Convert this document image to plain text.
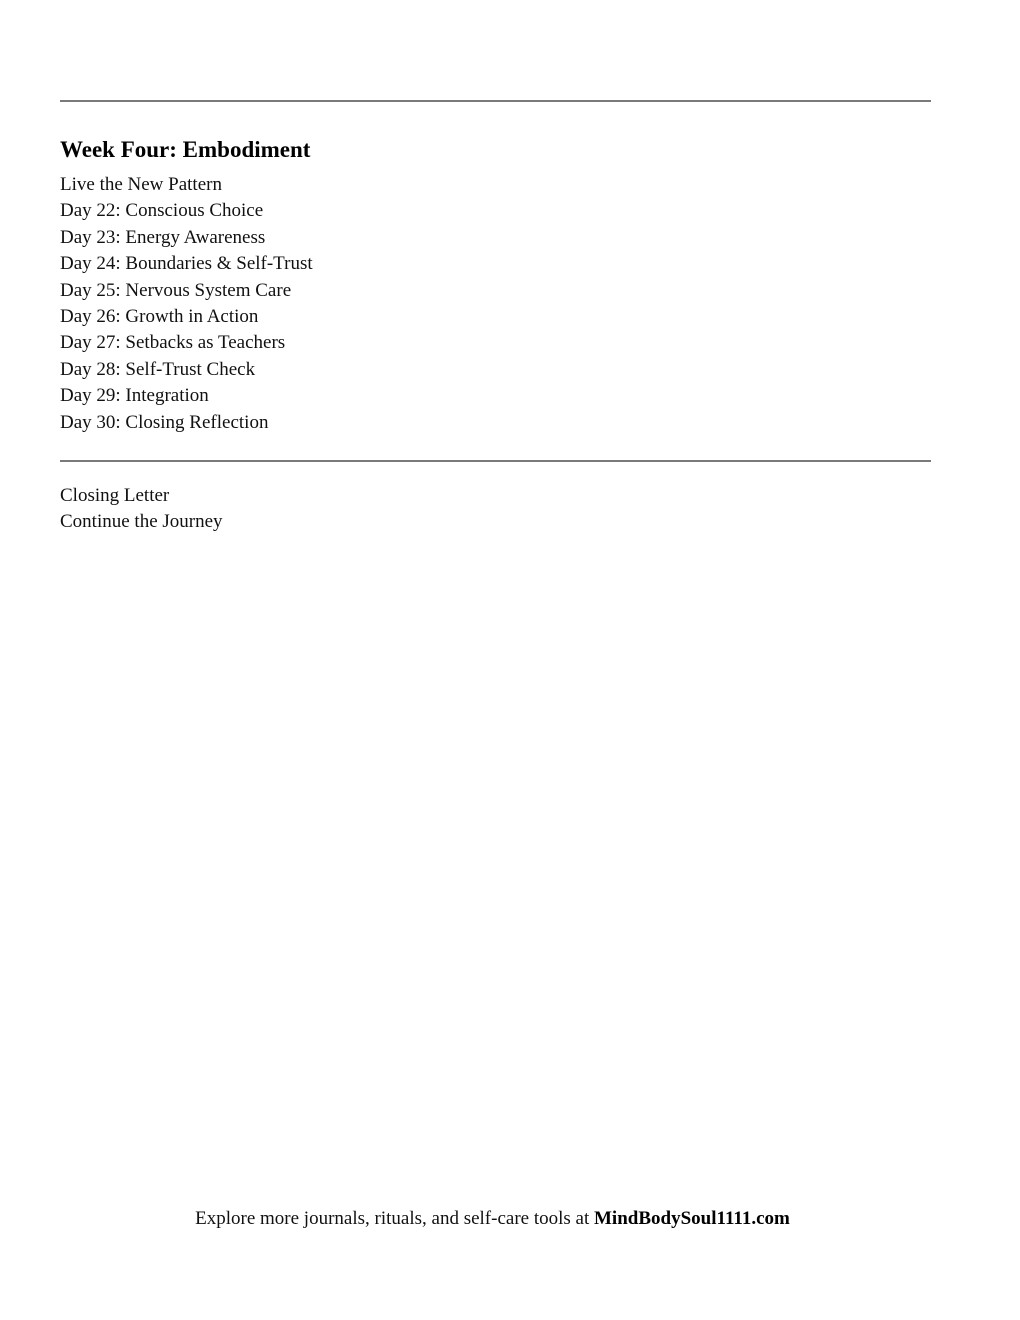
Week Four: Embodiment
Live the New Pattern
Day 22: Conscious Choice
Day 23: Energy Awareness
Day 24: Boundaries & Self-Trust
Day 25: Nervous System Care
Day 26: Growth in Action
Day 27: Setbacks as Teachers
Day 28: Self-Trust Check
Day 29: Integration
Day 30: Closing Reflection
Closing Letter
Continue the Journey
Explore more journals, rituals, and self-care tools at MindBodySoul1111.com
